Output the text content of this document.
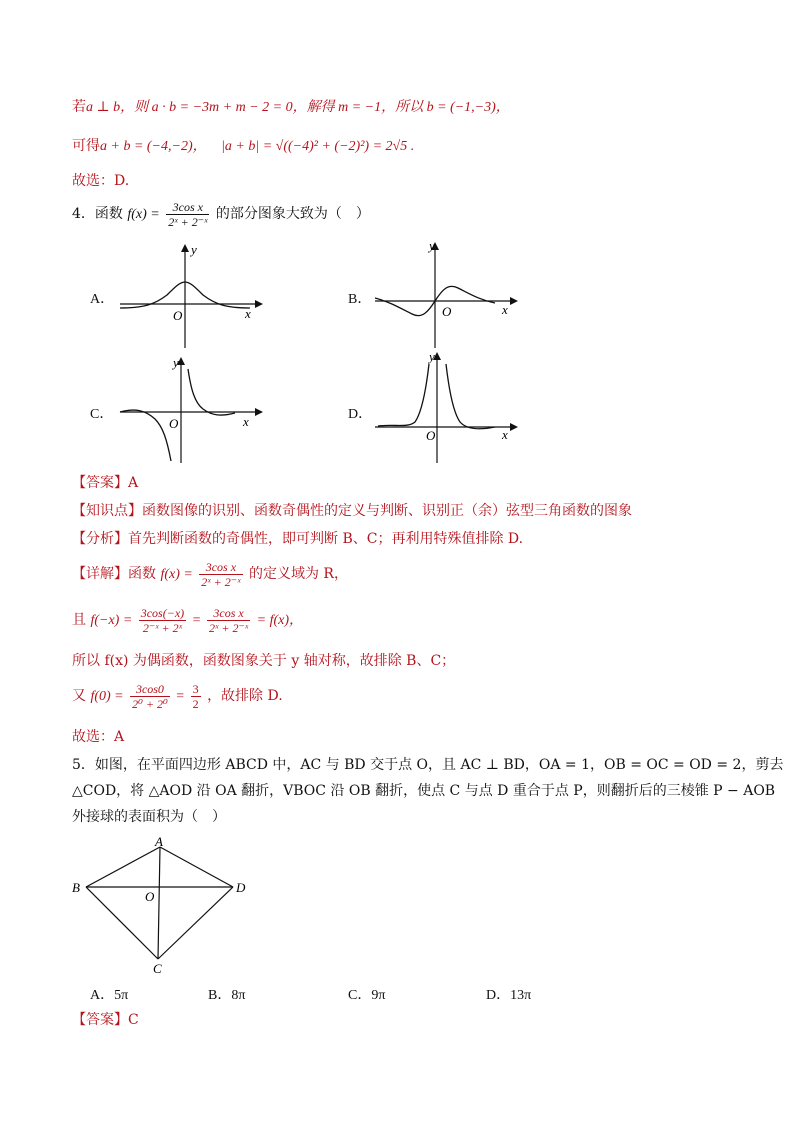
若a ⊥ b，则 a · b = −3m + m − 2 = 0，解得 m = −1，所以 b = (−1,−3)，
可得a + b = (−4,−2)， |a + b| = √((−4)² + (−2)²) = 2√5 .
故选：D.
4．函数 $f(x) = \frac{\text{3cos x}}{\text{2ˣ + 2⁻ˣ}}$ 的部分图象大致为（　）
A．
y
O	x
B．
y
O	x
C．
y
O	x	D．
y
O	x
【答案】A
【知识点】函数图像的识别、函数奇偶性的定义与判断、识别正（余）弦型三角函数的图象
【分析】首先判断函数的奇偶性，即可判断 B、C；再利用特殊值排除 D.
【详解】函数 $f(x) = \frac{\text{3cos x}}{\text{2ˣ + 2⁻ˣ}}$ 的定义域为 R，
且 $f(-x) = \frac{3\cos(-x)}{\text{2⁻ˣ + 2ˣ}} = \frac{\text{3cos x}}{\text{2ˣ + 2⁻ˣ}} = f(x)$，
所以 f(x) 为偶函数，函数图象关于 y 轴对称，故排除 B、C；
又 $f(0) = \frac{3\cos 0}{\text{2⁰ + 2⁰}} = \frac{3}{2}$ ，故排除 D.
故选：A
5．如图，在平面四边形 ABCD 中，AC 与 BD 交于点 O，且 AC ⊥ BD，OA = 1，OB = OC = OD = 2，剪去
△COD，将 △AOD 沿 OA 翻折，VBOC 沿 OB 翻折，使点 C 与点 D 重合于点 P，则翻折后的三棱锥 P − AOB
外接球的表面积为（　）
A
B	D
C
O
A．5π	B．8π	C．9π	D．13π
【答案】C
